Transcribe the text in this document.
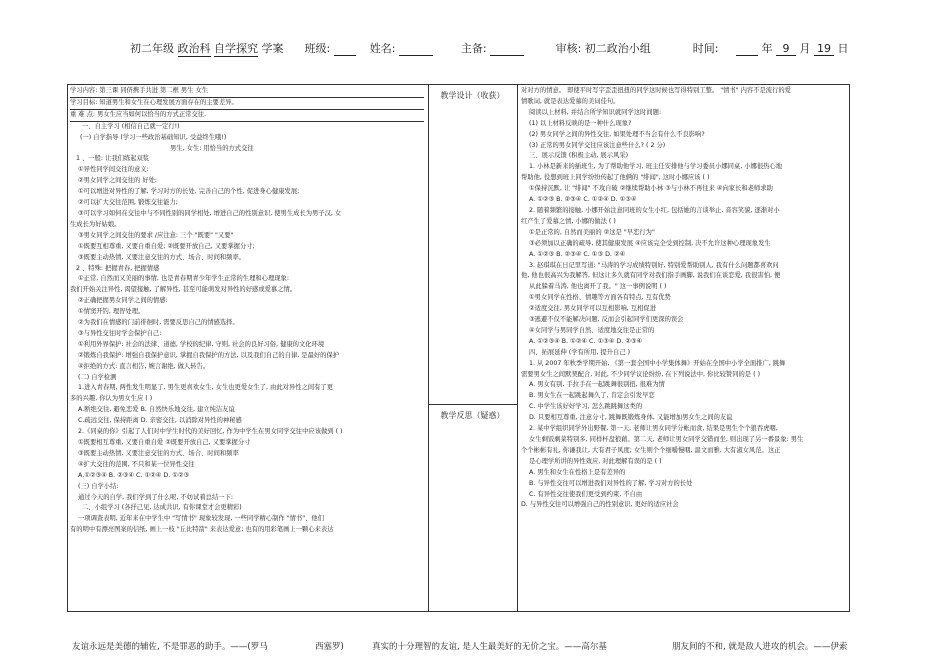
初二年级 政治科 自学探究 学案 班级:	姓名:	主备:	审核: 初二政治小组	时间:	年 9 月 19 日
教学设计（收获）
教学反思（疑惑）

学习内容: 第三课 同侪携手共进 第二框 男生 女生

学习目标: 知道男生和女生在心理发展方面存在的主要差异。

重 难 点: 男女生应当如何以恰当的方式正常交往.

一、自主学习 (相信自己就一定行!)

(一) 自学指导 (学习一些政治基础知识, 受益终生哦!)

男生, 女生: 用恰当的方式交往

1 、一般: 让我们练起双浆

①异性同学间交往的意义:

②男女同学之间交往的 好处:

①可以增进对异性的了解, 学习对方的长处, 完善自己的个性, 促进身心健康发展;

②可以扩大交往范围, 锻炼交往能力;

③可以学习如何在交往中与不同性别的同学相处, 增进自己的性别意识, 使男生成长为男子汉, 女

生成长为好姑娘。

③男女同学之间交往的要求 /应注意: 三个 "既要" "又要"

①既要互相尊重, 又要自重自爱; ②既要开放自己, 又要掌握分寸;

③既要主动热情, 又要注意交往的方式、场合、时间和频率。

2 、特殊: 把握青春, 把握情感

①正常, 自然而又美丽的事情, 也是青春期青少年学生正常的生理和心理现象:

我们开始关注异性, 渴望接触, 了解异性, 甚至可能萌发对异性的好感或爱慕之情。

②正确把握男女同学之间的情感:

①情窦开钓, 理智处理。

②为我们在情感的门前徘徊时, 需要反思自己的情感选择。

③与异性交往时学会保护自己:

①利用外界保护: 社会的法律、道德, 学校的纪律, 守则, 社会的良好习俗, 健康的文化环境

②锻炼自我保护: 增强自我保护意识, 掌握自我保护的方法, 以及我们自己的自律, 是最好的保护

④拒绝的方式: 直言相告, 婉言谢绝, 做人转告。

(二) 自学检测

1.进入青春期, 两性发生明显了, 男生更喜欢女生, 女生也更爱女生了, 由此对异性之间有了更

多的兴趣, 你认为男女生应 ( )

A.断绝交往, 避免恋爱 B. 自然快乐地交往, 建立纯洁友谊

C.疏远交往, 保持距离 D. 亲密交往, 以消除对异性的神秘感

2.《同桌的你》引起了人们对中学生时代的美好回忆, 作为中学生在男女同学交往中应该做到 ( )

①既要相互尊重, 又要自重自爱 ②既要开放自己, 又要掌握分寸

③既要主动热情, 又要注意交往的方式、场合、时间和频率

④扩大交往的范围, 不只和某一位异性交往

A.①②③④ B. ②③④ C. ①②④ D. ①②③

(三) 自学小结:

通过今天的自学, 我们学到了什么呢, 不妨试着总结一下:

二、小组学习 (各抒己见, 达成共识, 有你课堂才会更精彩)

一项调查表明, 近年来在中学生中 "写情书" 现象较发现, 一些同学精心制作 "情书"、他们

有的明中有漂亮图案的信纸, 画上一枝 "丘比特箭" 来表达爱意; 也有的用彩笔画上一颗心来表达

对对方的情意。 即使平时写字歪歪扭扭的同学这时候也写得特别工整。 "情书" 内容不是流行的爱

情歌词, 就是表达爱慕的美词佳句。

阅读以上材料, 并结合所学知识就同学这时间题:

(1) 以上材料反映的是一种什么现象?

(2) 男女同学之间的异性交往, 如果处理不当会有什么不良影响?

(3) 正常的男女同学交往应该注意些什么? ( 2 分)

三、展示反馈 (积极主动, 展示风采)

1. 小林是新来的插班生, 为了帮助他学习, 班主任安排他与学习委员小娜同桌, 小娜很热心地

帮助他, 役想到班上同学纷纷传起了他俩的 "绯闻", 这时小娜应该 ( )

①保持沉默, 让 "绯闻" 不攻自破 ②继续帮助小林 ③与小林不再往来 ④向家长和老师求助

A. ①②③ B. ②③④ C. ①②④ D. ①③④

2. 随着频繁的接触, 小娜开始注意同班的女生小红, 包括她的言谈举止, 音容笑貌, 逐渐对小

红产生了爱慕之情, 小娜的做法 ( )

①是正常的, 自然而美丽的 ②这是 "早恋行为"

③必须加以正确的疏导, 使其健康发展 ④应该完全受到控制, 决不允许这种心理现象发生

A. ①②③ B. ②③④ C. ①③ D. ②④

3. 赵琪琪在日记里写道: "马涛的学习成绩特别好, 特别爱帮助别人, 我有什么问题都喜欢问

他, 他也很高兴为我解答, 但这让多久就有同学对我们指手画脚, 说我们在谈恋爱, 我很害怕, 便

从此躲着马涛, 他也离开了我。" 这一事例说明 ( )

①男女同学在性格、情趣等方面各有特点, 互有优势

②适度交往, 男女同学可以互相影响, 互相促进

③逃避不仅不能解决问题, 反而会引起同学们更深的误会

④女同学与男同学自然、适度地交往是正常的

A. ①②③④ B. ①②④ C. ①③④ D. ②③④

四、拓展延伸 (学有所用, 提升自己 )

1. 从 2007 年秋季学期开始, 《第一套全国中小学集体舞》开始在全国中小学全面推广, 跳舞

需要男女生之间默契配合, 对此, 不少同学议论纷纷, 在下列说法中, 你比较赞同的是 ( )

A. 男女有别, 手拉手在一起跳舞很别扭, 很难为情

B. 男女生在一起跳起舞久了, 肯定会引发早恋

C. 中学生该好好学习, 怎么跳跳舞这类的

D. 只要相互尊重, 注意分寸, 跳舞既锻炼身体, 又能增加男女生之间的友谊

2. 某中学组织同学外出野餐, 第一天, 老师让男女同学分帐而食, 结果是男生个个狼吞虎咽,

女生剩饭剩菜特别多, 同样杯盘狼藉。第二天, 老师让男女同学交错而坐, 则出现了另一番景象: 男生

个个彬彬有礼, 你谦我让, 大有君子风度; 女生则个个细嚼慢咽, 温文而雅, 大有淑女风范。这正

是心理学所讲的异性效应, 对此理解有误的是 ( )

A. 男生和女生在性格上是有差异的

B. 与异性交往可以增进我们对异性的了解, 学习对方的长处

C. 有异性交往使我们更受到约束, 不自由

D. 与异性交往可以增强自己的性别意识, 更好的适应社会

友谊永远是美德的辅佐, 不是罪恶的助手。——(罗马	西塞罗)	真实的十分理智的友谊, 是人生最美好的无价之宝。——高尔基	朋友间的不和, 就是敌人进攻的机会。——伊索
